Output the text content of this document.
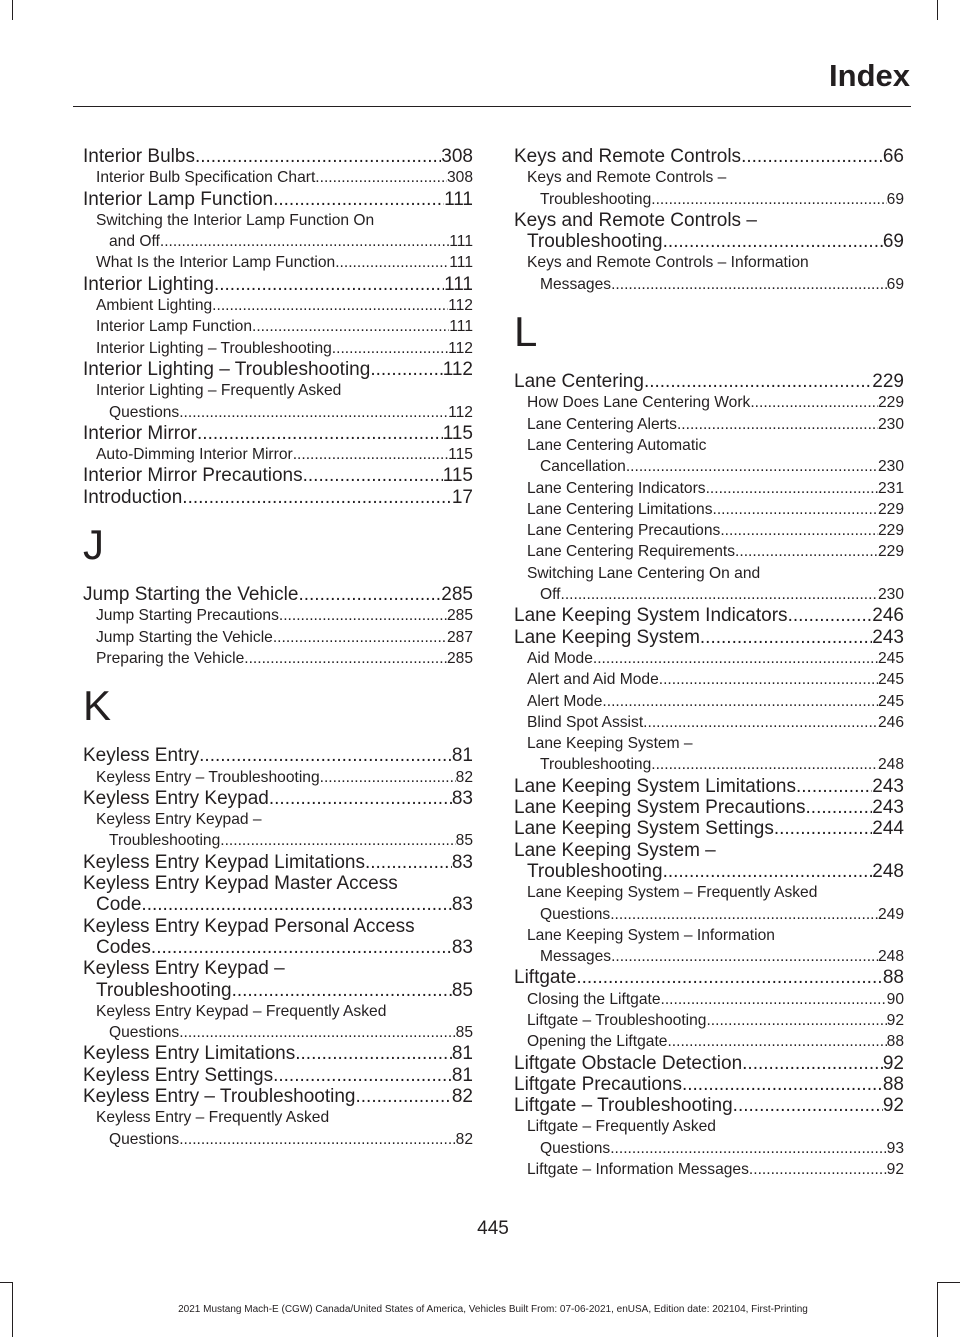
Index
Interior Bulbs .....	308
Interior Bulb Specification Chart .....	308
Interior Lamp Function .....	111
Switching the Interior Lamp Function On
and Off .....	111
What Is the Interior Lamp Function .....	111
Interior Lighting .....	111
Ambient Lighting .....	112
Interior Lamp Function .....	111
Interior Lighting – Troubleshooting .....	112
Interior Lighting – Troubleshooting .....	112
Interior Lighting – Frequently Asked
Questions .....	112
Interior Mirror .....	115
Auto-Dimming Interior Mirror .....	115
Interior Mirror Precautions .....	115
Introduction .....	17
J
Jump Starting the Vehicle .....	285
Jump Starting Precautions .....	285
Jump Starting the Vehicle .....	287
Preparing the Vehicle .....	285
K
Keyless Entry .....	81
Keyless Entry – Troubleshooting .....	82
Keyless Entry Keypad .....	83
Keyless Entry Keypad –
Troubleshooting .....	85
Keyless Entry Keypad Limitations .....	83
Keyless Entry Keypad Master Access
Code .....	83
Keyless Entry Keypad Personal Access
Codes .....	83
Keyless Entry Keypad –
Troubleshooting .....	85
Keyless Entry Keypad – Frequently Asked
Questions .....	85
Keyless Entry Limitations .....	81
Keyless Entry Settings .....	81
Keyless Entry – Troubleshooting .....	82
Keyless Entry – Frequently Asked
Questions .....	82
Keys and Remote Controls .....	66
Keys and Remote Controls –
Troubleshooting .....	69
Keys and Remote Controls –
Troubleshooting .....	69
Keys and Remote Controls – Information
Messages .....	69
L
Lane Centering .....	229
How Does Lane Centering Work .....	229
Lane Centering Alerts .....	230
Lane Centering Automatic
Cancellation .....	230
Lane Centering Indicators .....	231
Lane Centering Limitations .....	229
Lane Centering Precautions .....	229
Lane Centering Requirements .....	229
Switching Lane Centering On and
Off .....	230
Lane Keeping System Indicators .....	246
Lane Keeping System .....	243
Aid Mode .....	245
Alert and Aid Mode .....	245
Alert Mode .....	245
Blind Spot Assist .....	246
Lane Keeping System –
Troubleshooting .....	248
Lane Keeping System Limitations .....	243
Lane Keeping System Precautions .....	243
Lane Keeping System Settings .....	244
Lane Keeping System –
Troubleshooting .....	248
Lane Keeping System – Frequently Asked
Questions .....	249
Lane Keeping System – Information
Messages .....	248
Liftgate .....	88
Closing the Liftgate .....	90
Liftgate – Troubleshooting .....	92
Opening the Liftgate .....	88
Liftgate Obstacle Detection .....	92
Liftgate Precautions .....	88
Liftgate – Troubleshooting .....	92
Liftgate – Frequently Asked
Questions .....	93
Liftgate – Information Messages .....	92
445
2021 Mustang Mach-E (CGW) Canada/United States of America, Vehicles Built From: 07-06-2021, enUSA, Edition date: 202104, First-Printing
